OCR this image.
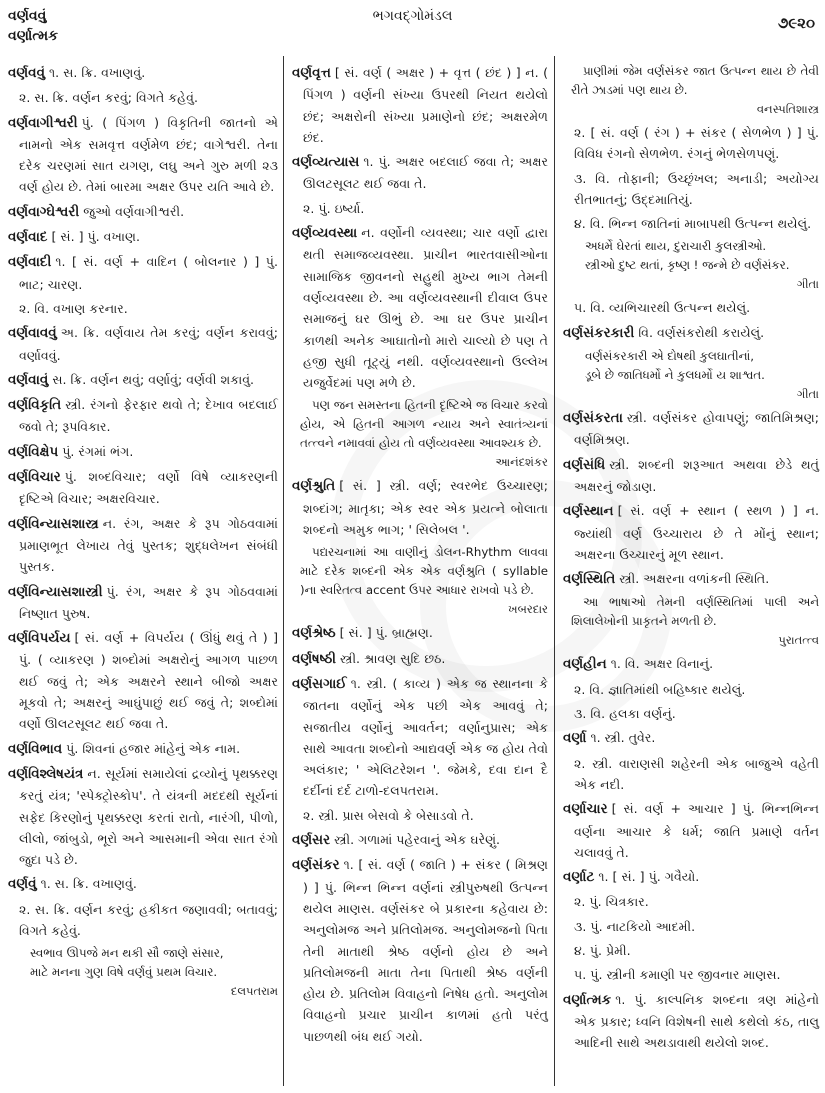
વર્ણવવું
વર્ણાત્મક
ભગવદ્ગોમંડલ	૭૯૨૦
વર્ણવવું ૧. સ. ક્રિ. વખાણવું.
૨. સ. ક્રિ. વર્ણન કરવું; વિગતે કહેવું.
વર્ણવાગીશ્વરી પું. ( પિંગળ ) વિકૃતિની જાતનો એ નામનો એક સમવૃત્ત વર્ણમેળ છંદ; વાગેશ્વરી. તેના દરેક ચરણમાં સાત યગણ, લઘુ અને ગુરુ મળી ૨૩ વર્ણ હોય છે. તેમાં બારમા અક્ષર ઉપર યતિ આવે છે.
વર્ણવાગ્ઘેશ્વરી જુઓ વર્ણવાગીશ્વરી.
વર્ણવાદ [ સં. ] પું. વખાણ.
વર્ણવાદી ૧. [ સં. વર્ણ + વાદિન ( બોલનાર ) ] પું. ભાટ; ચારણ.
૨. વિ. વખાણ કરનાર.
વર્ણવાવવું અ. ક્રિ. વર્ણવાય તેમ કરવું; વર્ણન કરાવવું; વર્ણાવવું.
વર્ણવાવું સ. ક્રિ. વર્ણન થવું; વર્ણાવું; વર્ણવી શકાવું.
વર્ણવિકૃતિ સ્ત્રી. રંગનો ફેરફાર થવો તે; દેખાવ બદલાઈ જવો તે; રૂપવિકાર.
વર્ણવિક્ષેપ પું. રંગમાં ભંગ.
વર્ણવિચાર પું. શબ્દવિચાર; વર્ણો વિષે વ્યાકરણની દૃષ્ટિએ વિચાર; અક્ષરવિચાર.
વર્ણવિન્યાસશાસ્ત્ર ન. રંગ, અક્ષર કે રૂપ ગોઠવવામાં પ્રમાણભૂત લેખાય તેવું પુસ્તક; શુદ્ધલેખન સંબંધી પુસ્તક.
વર્ણવિન્યાસશાસ્ત્રી પું. રંગ, અક્ષર કે રૂપ ગોઠવવામાં નિષ્ણાત પુરુષ.
વર્ણવિપર્યય [ સં. વર્ણ + વિપર્યય ( ઊંધું થવું તે ) ] પું. ( વ્યાકરણ ) શબ્દોમાં અક્ષરોનું આગળ પાછળ થઈ જવું તે; એક અક્ષરને સ્થાને બીજો અક્ષર મૂકવો તે; અક્ષરનું આઘુંપાછું થઈ જવું તે; શબ્દોમાં વર્ણો ઊલટસૂલટ થઈ જવા તે.
વર્ણવિભાવ પું. શિવનાં હજાર માંહેનું એક નામ.
વર્ણવિશ્લેષયંત્ર ન. સૂર્યમાં સમાયેલાં દ્રવ્યોનું પૃથક્કરણ કરતું યંત્ર; 'સ્પેક્ટ્રોસ્કોપ'. તે યંત્રની મદદથી સૂર્યનાં સફેદ કિરણોનું પૃથક્કરણ કરતાં રાતો, નારંગી, પીળો, લીલો, જાંબુડો, ભૂરો અને આસમાની એવા સાત રંગો જુદા પડે છે.
વર્ણવું ૧. સ. ક્રિ. વખાણવું.
૨. સ. ક્રિ. વર્ણન કરવું; હકીકત જણાવવી; બતાવવું; વિગતે કહેવું.
સ્વભાવ ઊપજે મન થકી સૌ જાણે સંસાર,
માટે મનના ગુણ વિષે વર્ણવું પ્રથમ વિચાર.
દલપતરામ
વર્ણવૃત્ત [ સં. વર્ણ ( અક્ષર ) + વૃત્ત ( છંદ ) ] ન. ( પિંગળ ) વર્ણની સંખ્યા ઉપરથી નિયત થયેલો છંદ; અક્ષરોની સંખ્યા પ્રમાણેનો છંદ; અક્ષરમેળ છંદ.
વર્ણવ્યત્યાસ ૧. પું. અક્ષર બદલાઈ જવા તે; અક્ષર ઊલટસૂલટ થઈ જવા તે.
૨. પું. ઇર્ષ્યા.
વર્ણવ્યવસ્થા ન. વર્ણોની વ્યવસ્થા; ચાર વર્ણો દ્વારા થતી સમાજવ્યવસ્થા. પ્રાચીન ભારતવાસીઓના સામાજિક જીવનનો સહુથી મુખ્ય ભાગ તેમની વર્ણવ્યવસ્થા છે. આ વર્ણવ્યવસ્થાની દીવાલ ઉપર સમાજનું ઘર ઊભું છે. આ ઘર ઉપર પ્રાચીન કાળથી અનેક આઘાતોનો મારો ચાલ્યો છે પણ તે હજી સુધી તૂટ્યું નથી. વર્ણવ્યવસ્થાનો ઉલ્લેખ યજુર્વેદમાં પણ મળે છે.
પણ જન સમસ્તના હિતની દૃષ્ટિએ જ વિચાર કરવો હોય, એ હિતની આગળ ન્યાય અને સ્વાતંત્ર્યનાં તત્ત્વને નમાવવાં હોય તો વર્ણવ્યવસ્થા આવશ્યક છે.
આનંદશંકર
વર્ણશ્રુતિ [ સં. ] સ્ત્રી. વર્ણ; સ્વરભેદ ઉચ્ચારણ; શબ્દાંગ; માતૃકા; એક સ્વર એક પ્રયત્ને બોલાતા શબ્દનો અમુક ભાગ; ' સિલેબલ '.
પદ્યરચનામાં આ વાણીનું ડોલન-Rhythm લાવવા માટે દરેક શબ્દની એક એક વર્ણશ્રુતિ ( syllable )ના સ્વરિતત્વ accent ઉપર આધાર રાખવો પડે છે.
ખબરદાર
વર્ણશ્રેષ્ઠ [ સં. ] પું. બ્રાહ્મણ.
વર્ણષષ્ઠી સ્ત્રી. શ્રાવણ સુદિ છઠ.
વર્ણસગાઈ ૧. સ્ત્રી. ( કાવ્ય ) એક જ સ્થાનના કે જાતના વર્ણોનું એક પછી એક આવવું તે; સજાતીય વર્ણોનું આવર્તન; વર્ણાનુપ્રાસ; એક સાથે આવતા શબ્દોનો આદ્યવર્ણ એક જ હોય તેવો અલંકાર; ' એલિટરેશન '. જેમકે, દવા દાન દૈ દર્દીનાં દર્દ ટાળો-દલપતરામ.
૨. સ્ત્રી. પ્રાસ બેસવો કે બેસાડવો તે.
વર્ણસર સ્ત્રી. ગળામાં પહેરવાનું એક ઘરેણું.
વર્ણસંકર ૧. [ સં. વર્ણ ( જાતિ ) + સંકર ( મિશ્રણ ) ] પું. ભિન્ન ભિન્ન વર્ણનાં સ્ત્રીપુરુષથી ઉત્પન્ન થયેલ માણસ. વર્ણસંકર બે પ્રકારના કહેવાય છે: અનુલોમજ અને પ્રતિલોમજ. અનુલોમજનો પિતા તેની માતાથી શ્રેષ્ઠ વર્ણનો હોય છે અને પ્રતિલોમજની માતા તેના પિતાથી શ્રેષ્ઠ વર્ણની હોય છે. પ્રતિલોમ વિવાહનો નિષેધ હતો. અનુલોમ વિવાહનો પ્રચાર પ્રાચીન કાળમાં હતો પરંતુ પાછળથી બંધ થઈ ગયો.
પ્રાણીમાં જેમ વર્ણસંકર જાત ઉત્પન્ન થાય છે તેવી રીતે ઝાડમાં પણ થાય છે.
વનસ્પતિશાસ્ત્ર
૨. [ સં. વર્ણ ( રંગ ) + સંકર ( સેળભેળ ) ] પું. વિવિધ રંગનો સેળભેળ. રંગનું ભેળસેળપણું.
૩. વિ. તોફાની; ઉચ્છૃંખલ; અનાડી; અયોગ્ય રીતભાતનું; ઉદ્દમાતિયું.
૪. વિ. ભિન્ન જાતિનાં માબાપથી ઉત્પન્ન થયેલું.
અધર્મે ઘેરતાં થાય, દુરાચારી કુલસ્ત્રીઓ.
સ્ત્રીઓ દુષ્ટ થતાં, કૃષ્ણ ! જન્મે છે વર્ણસંકર.
ગીતા
૫. વિ. વ્યભિચારથી ઉત્પન્ન થયેલું.
વર્ણસંકરકારી વિ. વર્ણસંકરોથી કરાયેલું.
વર્ણસંકરકારી એ દોષથી કુલઘાતીનાં,
ડૂબે છે જાતિધર્મો ને કુલધર્મો ય શાશ્વત.
ગીતા
વર્ણસંકરતા સ્ત્રી. વર્ણસંકર હોવાપણું; જાતિમિશ્રણ; વર્ણમિશ્રણ.
વર્ણસંધિ સ્ત્રી. શબ્દની શરૂઆત અથવા છેડે થતું અક્ષરનું જોડાણ.
વર્ણસ્થાન [ સં. વર્ણ + સ્થાન ( સ્થળ ) ] ન. જ્યાંથી વર્ણ ઉચ્ચારાય છે તે મોંનું સ્થાન; અક્ષરના ઉચ્ચારનું મૂળ સ્થાન.
વર્ણસ્થિતિ સ્ત્રી. અક્ષરના વળાંકની સ્થિતિ.
આ ભાષાઓ તેમની વર્ણસ્થિતિમાં પાલી અને શિલાલેખોની પ્રાકૃતને મળતી છે.
પુરાતત્ત્વ
વર્ણહીન ૧. વિ. અક્ષર વિનાનું.
૨. વિ. જ્ઞાતિમાંથી બહિષ્કાર થયેલું.
૩. વિ. હલકા વર્ણનું.
વર્ણા ૧. સ્ત્રી. તુવેર.
૨. સ્ત્રી. વારાણસી શહેરની એક બાજુએ વહેતી એક નદી.
વર્ણાચાર [ સં. વર્ણ + આચાર ] પું. ભિન્નભિન્ન વર્ણના આચાર કે ધર્મ; જાતિ પ્રમાણે વર્તન ચલાવવું તે.
વર્ણાટ ૧. [ સં. ] પું. ગવૈયો.
૨. પું. ચિત્રકાર.
૩. પું. નાટકિયો આદમી.
૪. પું. પ્રેમી.
૫. પું. સ્ત્રીની કમાણી પર જીવનાર માણસ.
વર્ણાત્મક ૧. પું. કાલ્પનિક શબ્દના ત્રણ માંહેનો એક પ્રકાર; ધ્વનિ વિશેષની સાથે કથેલો કંઠ, તાલુ આદિની સાથે અથડાવાથી થયેલો શબ્દ.
